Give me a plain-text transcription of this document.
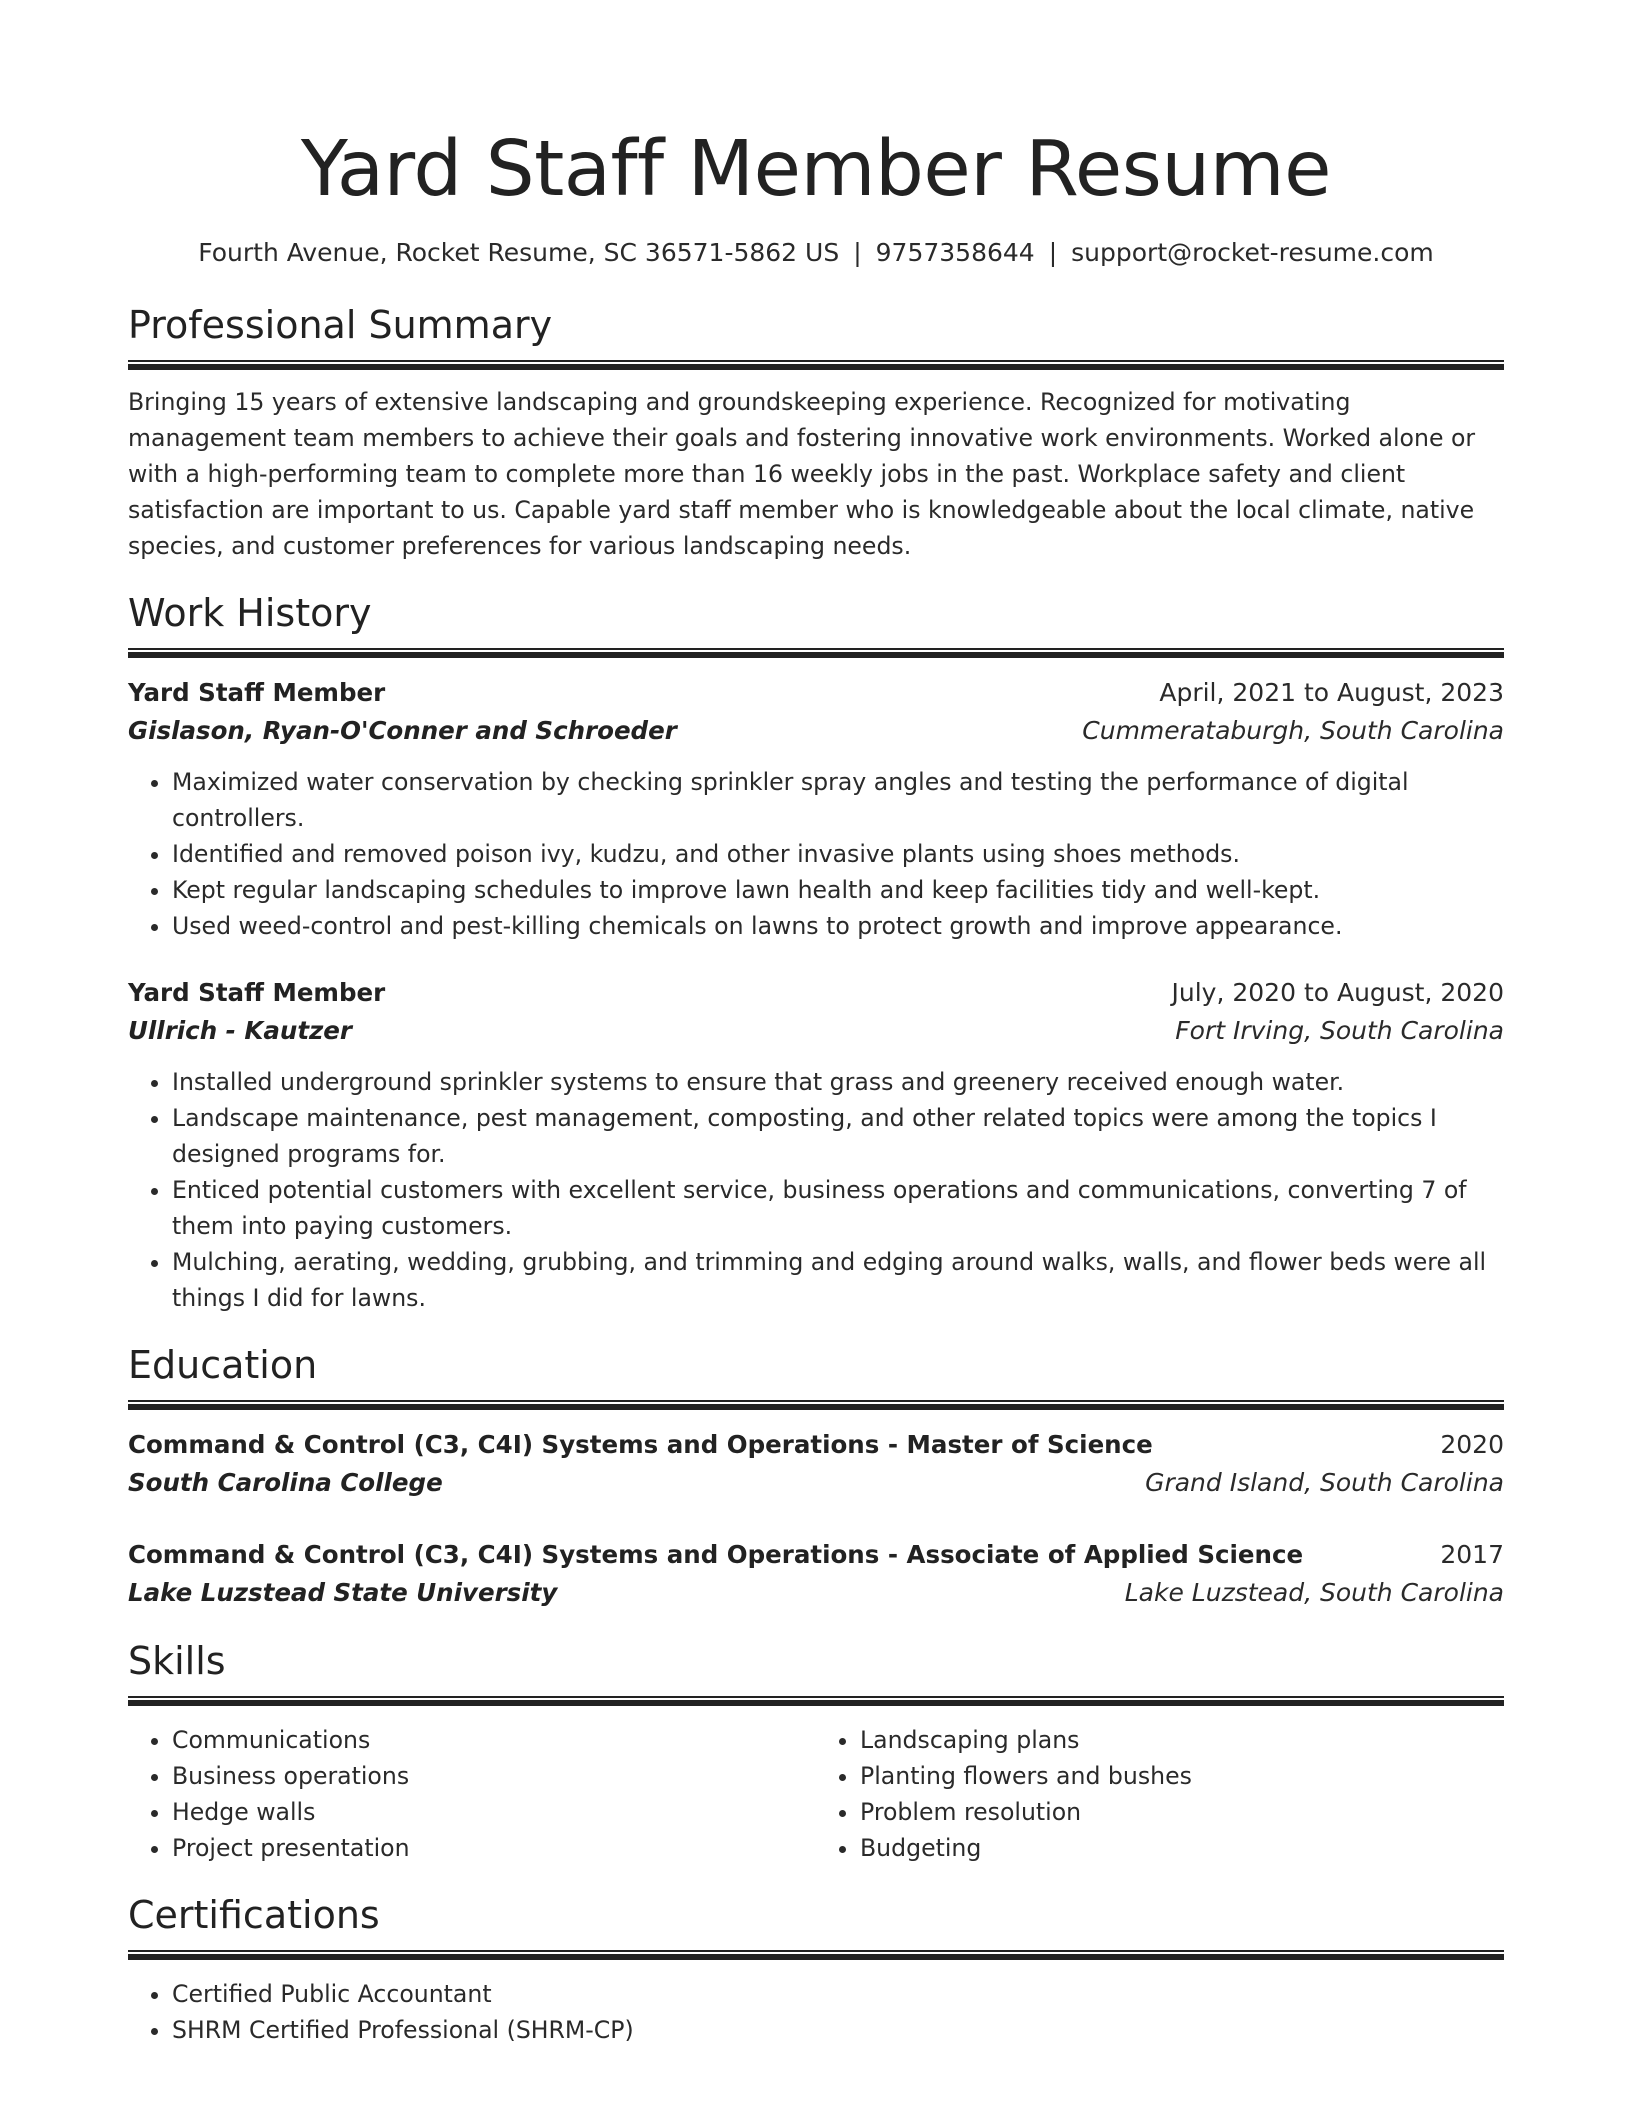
Yard Staff Member Resume
Fourth Avenue, Rocket Resume, SC 36571-5862 US | 9757358644 | support@rocket-resume.com
Professional Summary

Bringing 15 years of extensive landscaping and groundskeeping experience. Recognized for motivating management team members to achieve their goals and fostering innovative work environments. Worked alone or with a high-performing team to complete more than 16 weekly jobs in the past. Workplace safety and client satisfaction are important to us. Capable yard staff member who is knowledgeable about the local climate, native species, and customer preferences for various landscaping needs.

Work History
Yard Staff Member	April, 2021 to August, 2023
Gislason, Ryan-O'Conner and Schroeder	Cummerataburgh, South Carolina
• Maximized water conservation by checking sprinkler spray angles and testing the performance of digital controllers.
• Identified and removed poison ivy, kudzu, and other invasive plants using shoes methods.
• Kept regular landscaping schedules to improve lawn health and keep facilities tidy and well-kept.
• Used weed-control and pest-killing chemicals on lawns to protect growth and improve appearance.
Yard Staff Member	July, 2020 to August, 2020
Ullrich - Kautzer	Fort Irving, South Carolina
• Installed underground sprinkler systems to ensure that grass and greenery received enough water.
• Landscape maintenance, pest management, composting, and other related topics were among the topics I designed programs for.
• Enticed potential customers with excellent service, business operations and communications, converting 7 of them into paying customers.
• Mulching, aerating, wedding, grubbing, and trimming and edging around walks, walls, and flower beds were all things I did for lawns.
Education
Command & Control (C3, C4I) Systems and Operations - Master of Science	2020
South Carolina College	Grand Island, South Carolina
Command & Control (C3, C4I) Systems and Operations - Associate of Applied Science	2017
Lake Luzstead State University	Lake Luzstead, South Carolina
Skills
• Communications
• Business operations
• Hedge walls
• Project presentation
• Landscaping plans
• Planting flowers and bushes
• Problem resolution
• Budgeting
Certifications
• Certified Public Accountant
• SHRM Certified Professional (SHRM-CP)
